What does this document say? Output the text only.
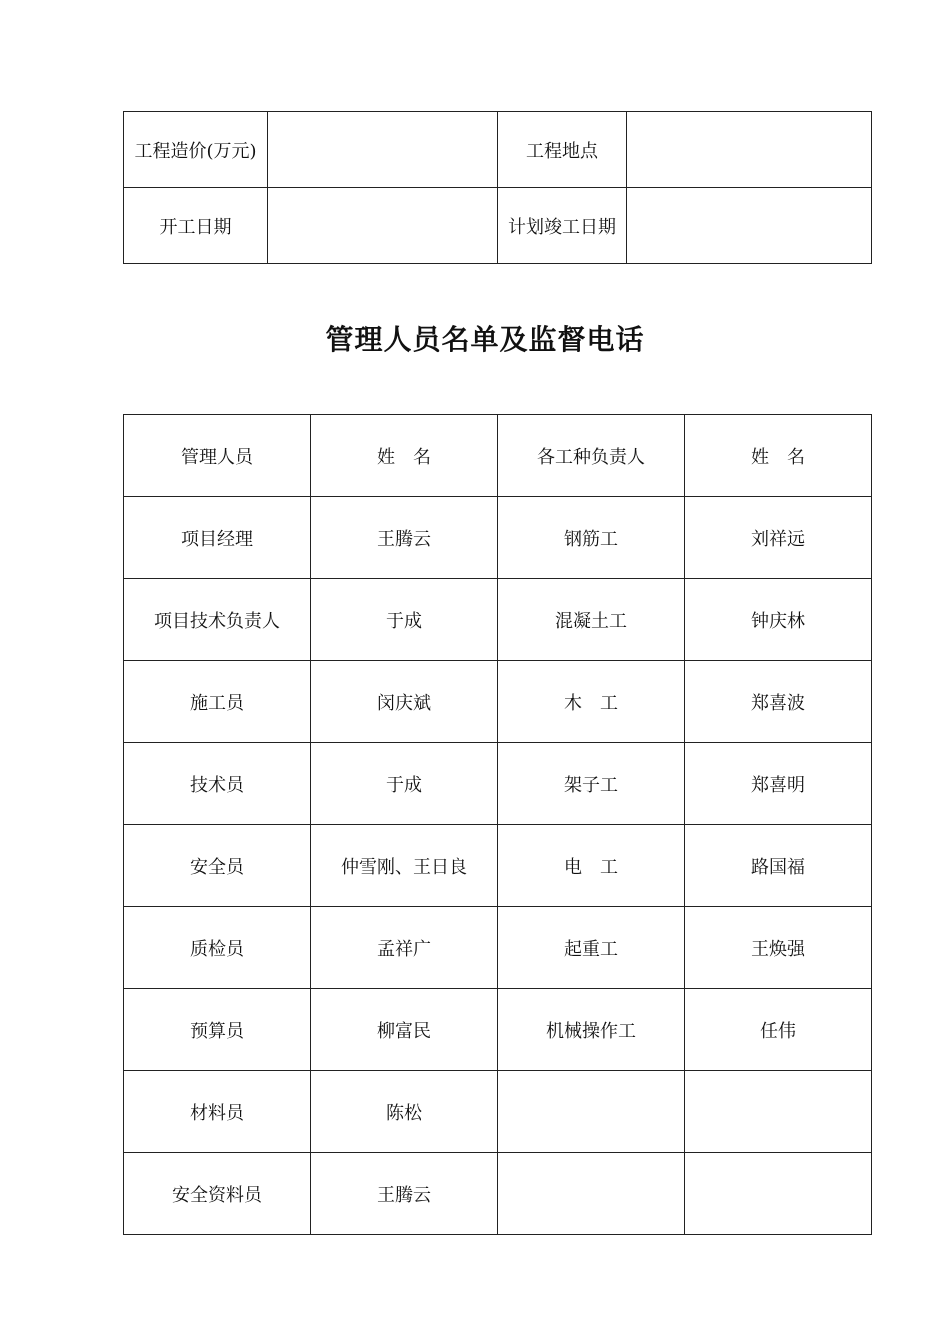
工程造价(万元)		工程地点	
开工日期		计划竣工日期	
管理人员名单及监督电话
管理人员	姓　名	各工种负责人	姓　名
项目经理	王腾云	钢筋工	刘祥远
项目技术负责人	于成	混凝土工	钟庆林
施工员	闵庆斌	木　工	郑喜波
技术员	于成	架子工	郑喜明
安全员	仲雪刚、王日良	电　工	路国福
质检员	孟祥广	起重工	王焕强
预算员	柳富民	机械操作工	任伟
材料员	陈松		
安全资料员	王腾云		
